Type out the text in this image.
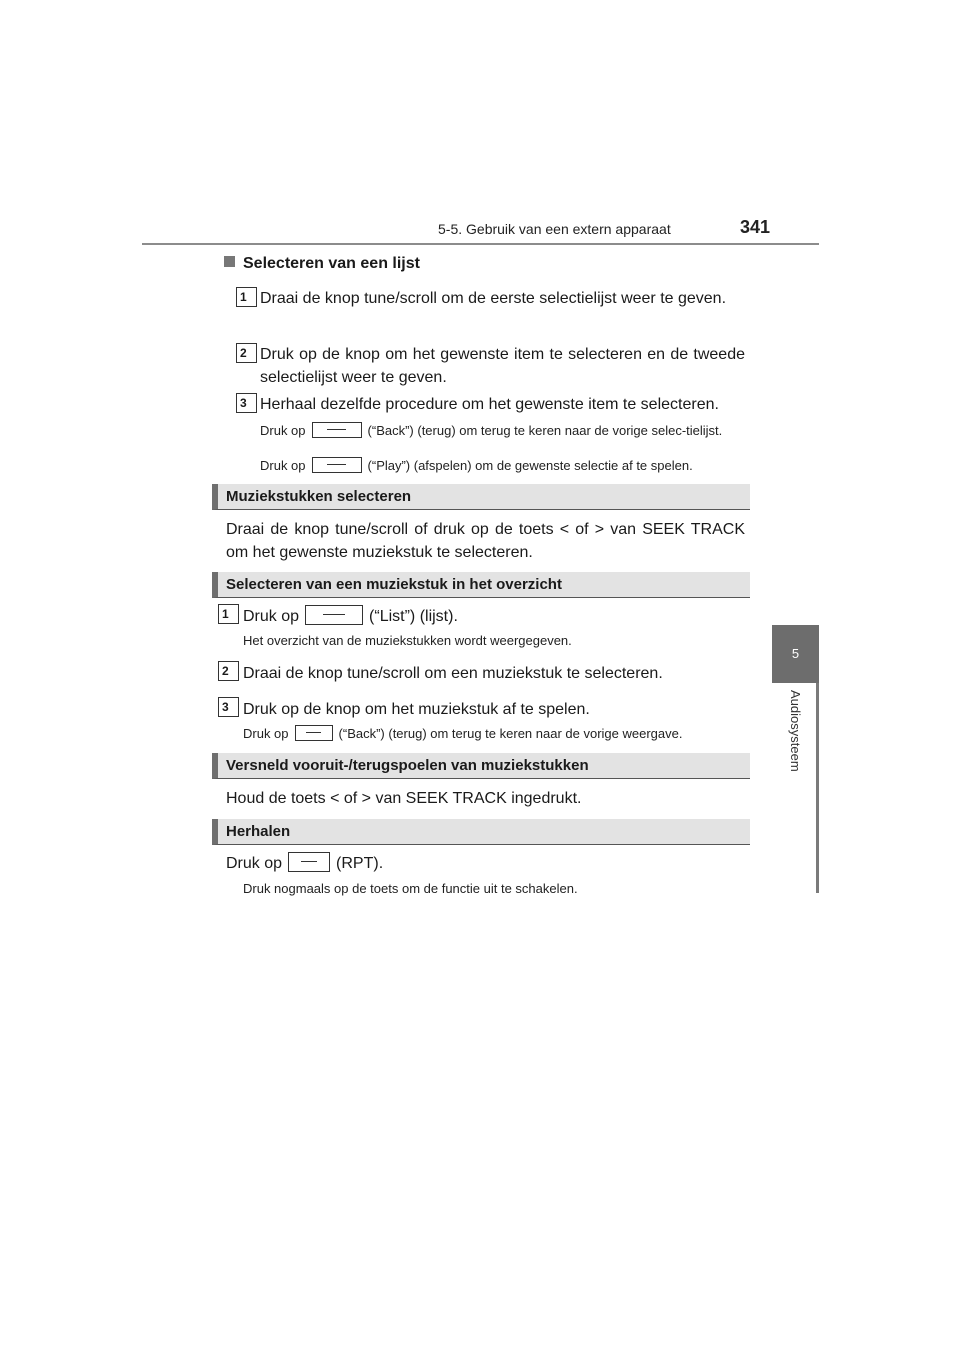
5-5. Gebruik van een extern apparaat	341
5
Audiosysteem
Selecteren van een lijst
1 Draai de knop tune/scroll om de eerste selectielijst weer te geven.
2 Druk op de knop om het gewenste item te selecteren en de tweede selectielijst weer te geven.
3 Herhaal dezelfde procedure om het gewenste item te selecteren.
Druk op	(“Back”) (terug) om terug te keren naar de vorige selec-tielijst.
Druk op	(“Play”) (afspelen) om de gewenste selectie af te spelen.
Muziekstukken selecteren
Draai de knop tune/scroll of druk op de toets < of > van SEEK TRACK om het gewenste muziekstuk te selecteren.
Selecteren van een muziekstuk in het overzicht
1 Druk op	(“List”) (lijst).
Het overzicht van de muziekstukken wordt weergegeven.
2 Draai de knop tune/scroll om een muziekstuk te selecteren.
3 Druk op de knop om het muziekstuk af te spelen.
Druk op	(“Back”) (terug) om terug te keren naar de vorige weergave.
Versneld vooruit-/terugspoelen van muziekstukken
Houd de toets < of > van SEEK TRACK ingedrukt.
Herhalen
Druk op	(RPT).
Druk nogmaals op de toets om de functie uit te schakelen.
